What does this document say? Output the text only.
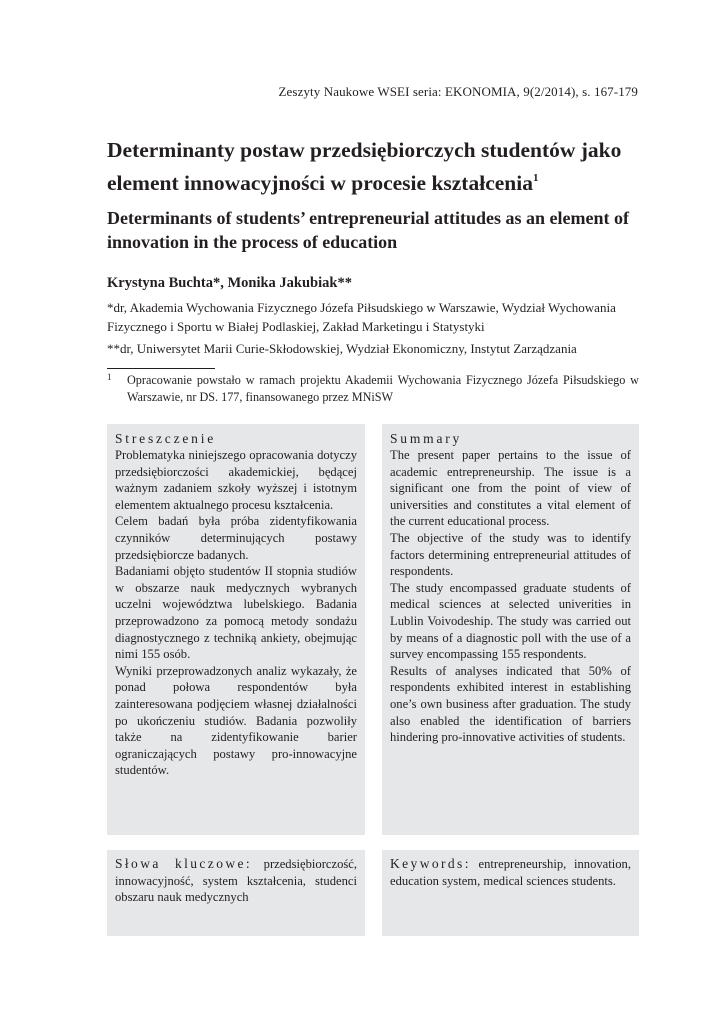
Zeszyty Naukowe WSEI seria: EKONOMIA, 9(2/2014), s. 167-179
Determinanty postaw przedsiębiorczych studentów jako element innowacyjności w procesie kształcenia$^1$
Determinants of students’ entrepreneurial attitudes as an element of innovation in the process of education
Krystyna Buchta*, Monika Jakubiak**
*dr, Akademia Wychowania Fizycznego Józefa Piłsudskiego w Warszawie, Wydział Wychowania Fizycznego i Sportu w Białej Podlaskiej, Zakład Marketingu i Statystyki
**dr, Uniwersytet Marii Curie-Skłodowskiej, Wydział Ekonomiczny, Instytut Zarządzania
1 Opracowanie powstało w ramach projektu Akademii Wychowania Fizycznego Józefa Piłsudskiego w Warszawie, nr DS. 177, finansowanego przez MNiSW
Streszczenie

Problematyka niniejszego opracowania dotyczy przedsiębiorczości akademickiej, będącej ważnym zadaniem szkoły wyższej i istotnym elementem aktualnego procesu kształcenia.

Celem badań była próba zidentyfikowania czynników determinujących postawy przedsiębiorcze badanych.

Badaniami objęto studentów II stopnia studiów w obszarze nauk medycznych wybranych uczelni województwa lubelskiego. Badania przeprowadzono za pomocą metody sondażu diagnostycznego z techniką ankiety, obejmując nimi 155 osób.

Wyniki przeprowadzonych analiz wykazały, że ponad połowa respondentów była zainteresowana podjęciem własnej działalności po ukończeniu studiów. Badania pozwoliły także na zidentyfikowanie barier ograniczających postawy pro-innowacyjne studentów.

Summary

The present paper pertains to the issue of academic entrepreneurship. The issue is a significant one from the point of view of universities and constitutes a vital element of the current educational process.

The objective of the study was to identify factors determining entrepreneurial attitudes of respondents.

The study encompassed graduate students of medical sciences at selected univerities in Lublin Voivodeship. The study was carried out by means of a diagnostic poll with the use of a survey encompassing 155 respondents.

Results of analyses indicated that 50% of respondents exhibited interest in establishing one’s own business after graduation. The study also enabled the identification of barriers hindering pro-innovative activities of students.

Słowa kluczowe: przedsiębiorczość, innowacyjność, system kształcenia, studenci obszaru nauk medycznych
Keywords: entrepreneurship, innovation, education system, medical sciences students.
